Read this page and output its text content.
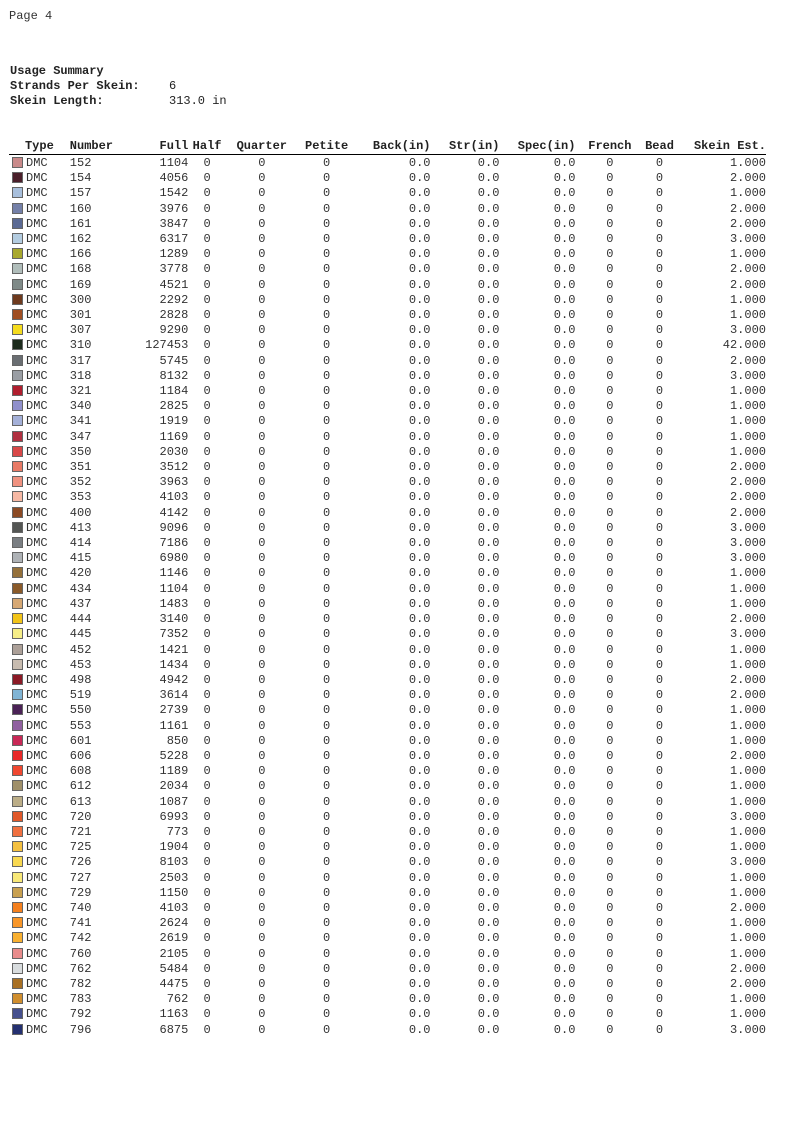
Page 4
Usage Summary
Strands Per Skein: 6
Skein Length:	313.0 in
Type	Number	Full	Half	Quarter	Petite	Back(in)	Str(in)	Spec(in)	French	Bead	Skein Est.
DMC	152	1104	0	0	0	0.0	0.0	0.0	0	0	1.000
DMC	154	4056	0	0	0	0.0	0.0	0.0	0	0	2.000
DMC	157	1542	0	0	0	0.0	0.0	0.0	0	0	1.000
DMC	160	3976	0	0	0	0.0	0.0	0.0	0	0	2.000
DMC	161	3847	0	0	0	0.0	0.0	0.0	0	0	2.000
DMC	162	6317	0	0	0	0.0	0.0	0.0	0	0	3.000
DMC	166	1289	0	0	0	0.0	0.0	0.0	0	0	1.000
DMC	168	3778	0	0	0	0.0	0.0	0.0	0	0	2.000
DMC	169	4521	0	0	0	0.0	0.0	0.0	0	0	2.000
DMC	300	2292	0	0	0	0.0	0.0	0.0	0	0	1.000
DMC	301	2828	0	0	0	0.0	0.0	0.0	0	0	1.000
DMC	307	9290	0	0	0	0.0	0.0	0.0	0	0	3.000
DMC	310	127453	0	0	0	0.0	0.0	0.0	0	0	42.000
DMC	317	5745	0	0	0	0.0	0.0	0.0	0	0	2.000
DMC	318	8132	0	0	0	0.0	0.0	0.0	0	0	3.000
DMC	321	1184	0	0	0	0.0	0.0	0.0	0	0	1.000
DMC	340	2825	0	0	0	0.0	0.0	0.0	0	0	1.000
DMC	341	1919	0	0	0	0.0	0.0	0.0	0	0	1.000
DMC	347	1169	0	0	0	0.0	0.0	0.0	0	0	1.000
DMC	350	2030	0	0	0	0.0	0.0	0.0	0	0	1.000
DMC	351	3512	0	0	0	0.0	0.0	0.0	0	0	2.000
DMC	352	3963	0	0	0	0.0	0.0	0.0	0	0	2.000
DMC	353	4103	0	0	0	0.0	0.0	0.0	0	0	2.000
DMC	400	4142	0	0	0	0.0	0.0	0.0	0	0	2.000
DMC	413	9096	0	0	0	0.0	0.0	0.0	0	0	3.000
DMC	414	7186	0	0	0	0.0	0.0	0.0	0	0	3.000
DMC	415	6980	0	0	0	0.0	0.0	0.0	0	0	3.000
DMC	420	1146	0	0	0	0.0	0.0	0.0	0	0	1.000
DMC	434	1104	0	0	0	0.0	0.0	0.0	0	0	1.000
DMC	437	1483	0	0	0	0.0	0.0	0.0	0	0	1.000
DMC	444	3140	0	0	0	0.0	0.0	0.0	0	0	2.000
DMC	445	7352	0	0	0	0.0	0.0	0.0	0	0	3.000
DMC	452	1421	0	0	0	0.0	0.0	0.0	0	0	1.000
DMC	453	1434	0	0	0	0.0	0.0	0.0	0	0	1.000
DMC	498	4942	0	0	0	0.0	0.0	0.0	0	0	2.000
DMC	519	3614	0	0	0	0.0	0.0	0.0	0	0	2.000
DMC	550	2739	0	0	0	0.0	0.0	0.0	0	0	1.000
DMC	553	1161	0	0	0	0.0	0.0	0.0	0	0	1.000
DMC	601	850	0	0	0	0.0	0.0	0.0	0	0	1.000
DMC	606	5228	0	0	0	0.0	0.0	0.0	0	0	2.000
DMC	608	1189	0	0	0	0.0	0.0	0.0	0	0	1.000
DMC	612	2034	0	0	0	0.0	0.0	0.0	0	0	1.000
DMC	613	1087	0	0	0	0.0	0.0	0.0	0	0	1.000
DMC	720	6993	0	0	0	0.0	0.0	0.0	0	0	3.000
DMC	721	773	0	0	0	0.0	0.0	0.0	0	0	1.000
DMC	725	1904	0	0	0	0.0	0.0	0.0	0	0	1.000
DMC	726	8103	0	0	0	0.0	0.0	0.0	0	0	3.000
DMC	727	2503	0	0	0	0.0	0.0	0.0	0	0	1.000
DMC	729	1150	0	0	0	0.0	0.0	0.0	0	0	1.000
DMC	740	4103	0	0	0	0.0	0.0	0.0	0	0	2.000
DMC	741	2624	0	0	0	0.0	0.0	0.0	0	0	1.000
DMC	742	2619	0	0	0	0.0	0.0	0.0	0	0	1.000
DMC	760	2105	0	0	0	0.0	0.0	0.0	0	0	1.000
DMC	762	5484	0	0	0	0.0	0.0	0.0	0	0	2.000
DMC	782	4475	0	0	0	0.0	0.0	0.0	0	0	2.000
DMC	783	762	0	0	0	0.0	0.0	0.0	0	0	1.000
DMC	792	1163	0	0	0	0.0	0.0	0.0	0	0	1.000
DMC	796	6875	0	0	0	0.0	0.0	0.0	0	0	3.000
